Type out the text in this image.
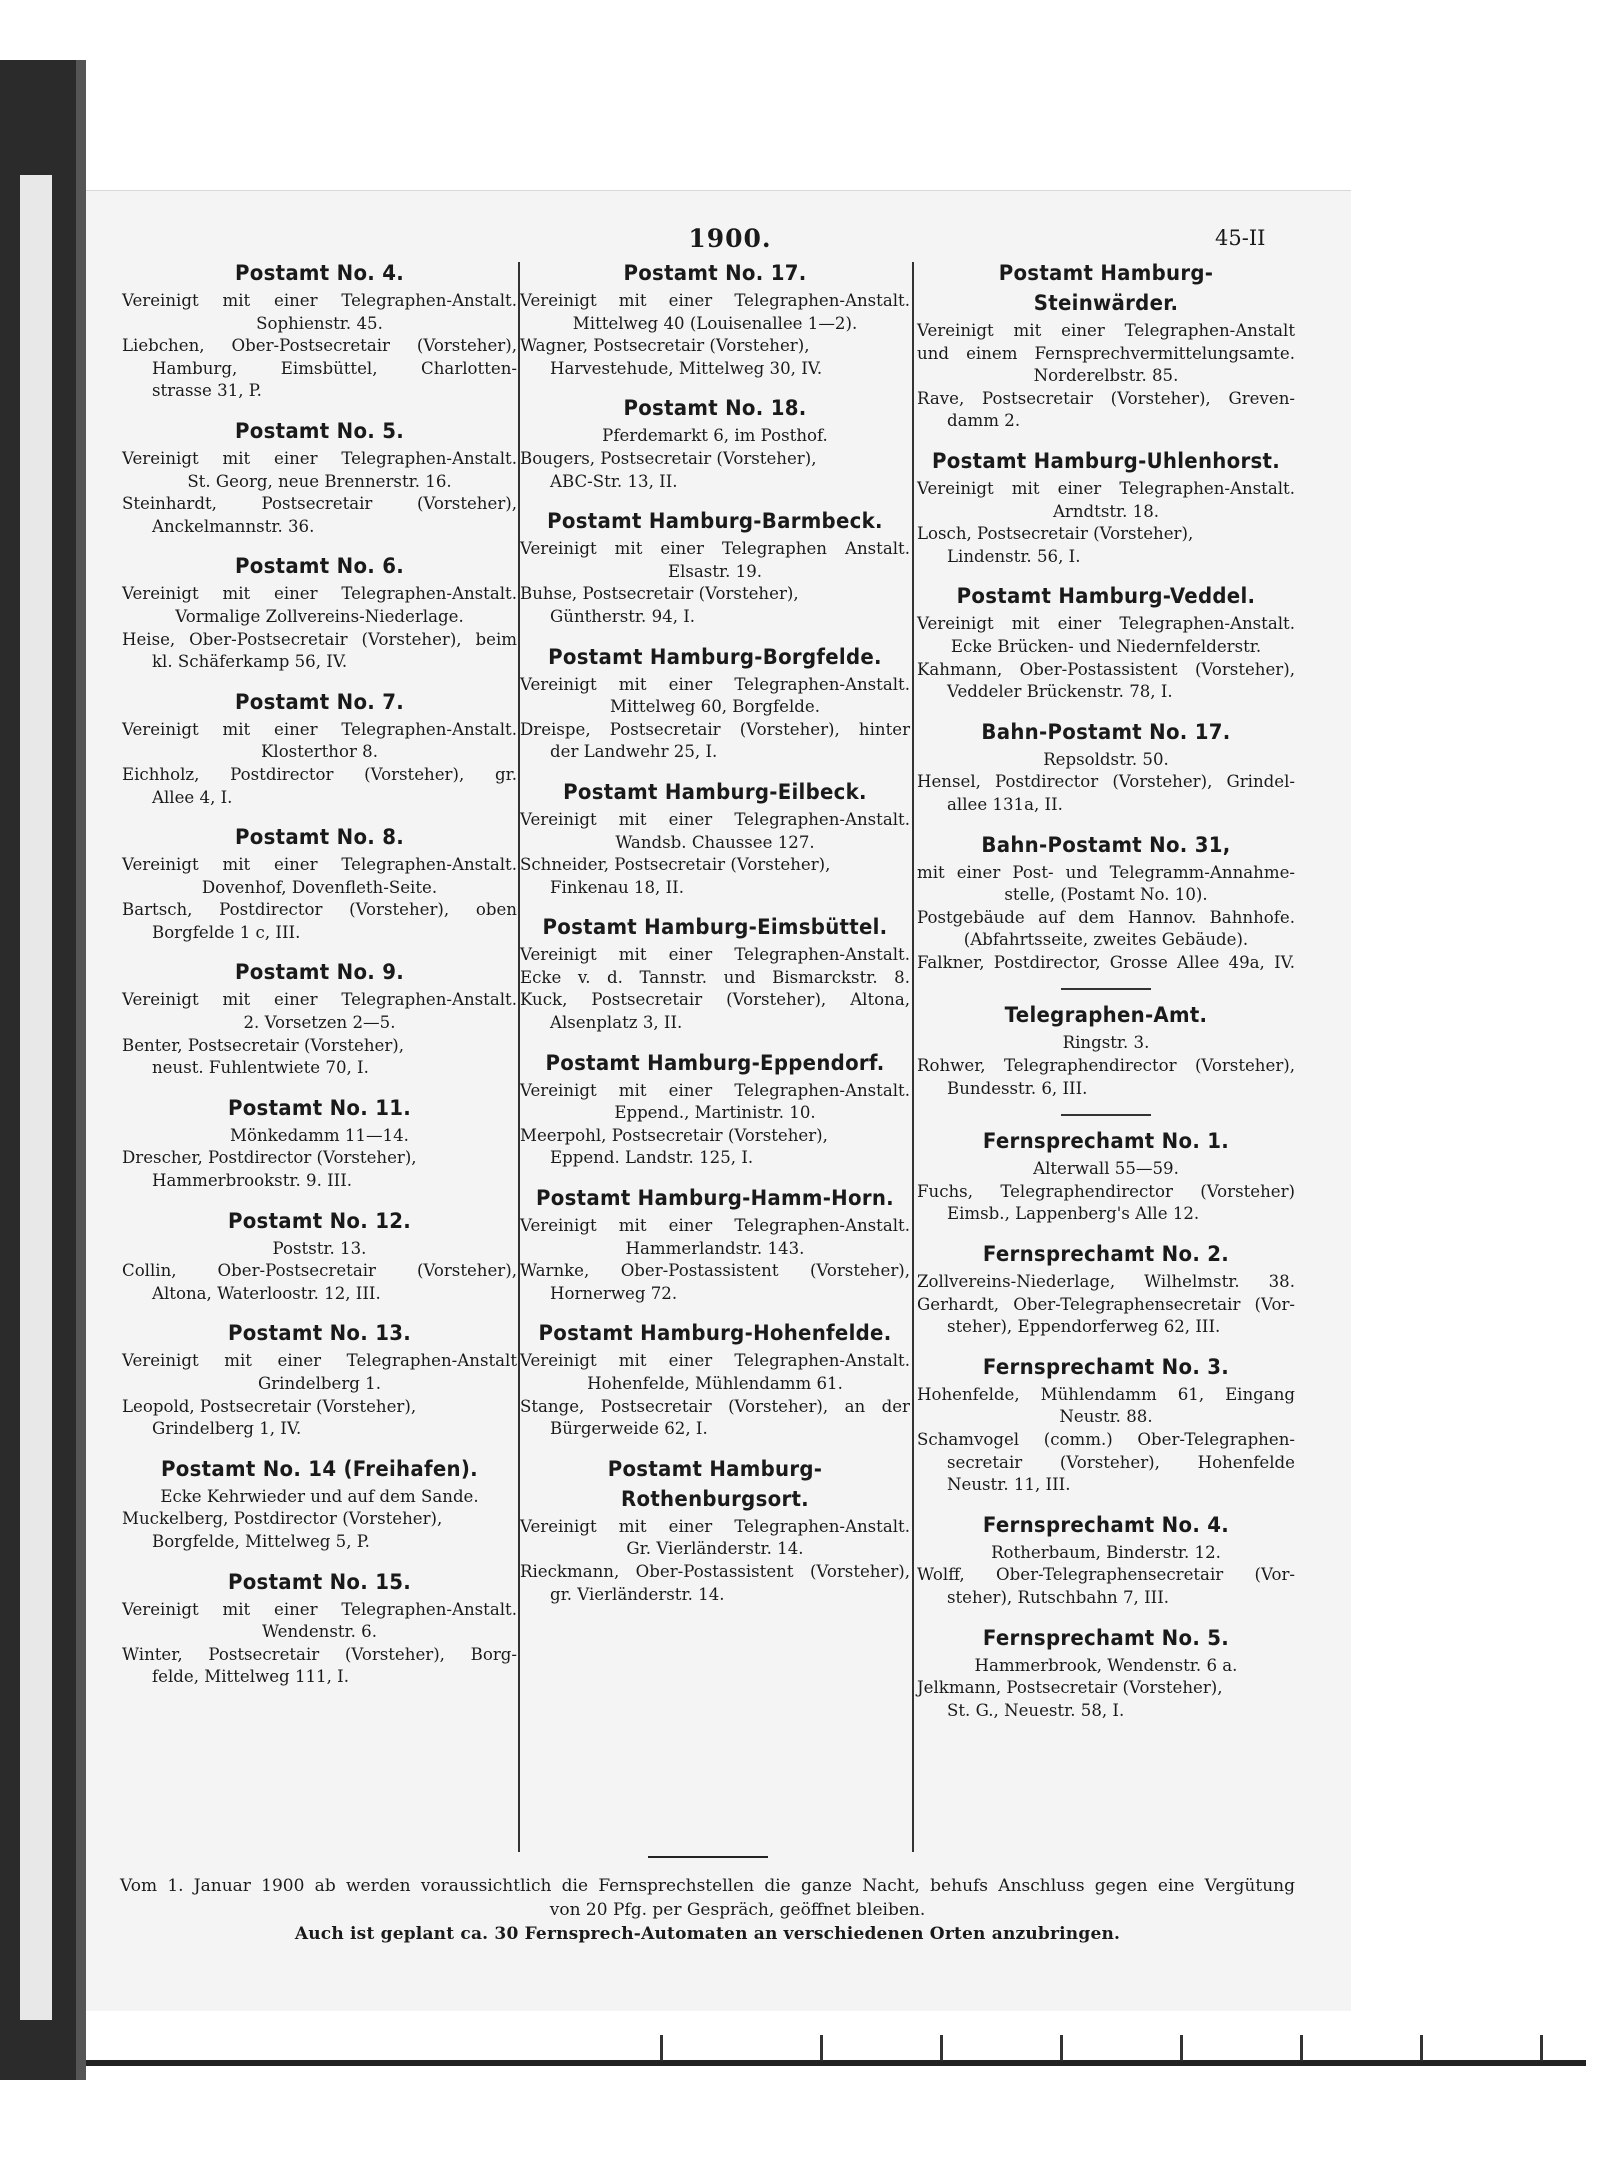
1900.	45-II
Postamt No. 4.
Vereinigt mit einer Telegraphen-Anstalt.
Sophienstr. 45.
Liebchen, Ober-Postsecretair (Vorsteher),
Hamburg, Eimsbüttel, Charlotten-
strasse 31, P.
Postamt No. 5.
Vereinigt mit einer Telegraphen-Anstalt.
St. Georg, neue Brennerstr. 16.
Steinhardt, Postsecretair (Vorsteher),
Anckelmannstr. 36.
Postamt No. 6.
Vereinigt mit einer Telegraphen-Anstalt.
Vormalige Zollvereins-Niederlage.
Heise, Ober-Postsecretair (Vorsteher), beim
kl. Schäferkamp 56, IV.
Postamt No. 7.
Vereinigt mit einer Telegraphen-Anstalt.
Klosterthor 8.
Eichholz, Postdirector (Vorsteher), gr.
Allee 4, I.
Postamt No. 8.
Vereinigt mit einer Telegraphen-Anstalt.
Dovenhof, Dovenfleth-Seite.
Bartsch, Postdirector (Vorsteher), oben
Borgfelde 1 c, III.
Postamt No. 9.
Vereinigt mit einer Telegraphen-Anstalt.
2. Vorsetzen 2—5.
Benter, Postsecretair (Vorsteher),
neust. Fuhlentwiete 70, I.
Postamt No. 11.
Mönkedamm 11—14.
Drescher, Postdirector (Vorsteher),
Hammerbrookstr. 9. III.
Postamt No. 12.
Poststr. 13.
Collin, Ober-Postsecretair (Vorsteher),
Altona, Waterloostr. 12, III.
Postamt No. 13.
Vereinigt mit einer Telegraphen-Anstalt
Grindelberg 1.
Leopold, Postsecretair (Vorsteher),
Grindelberg 1, IV.
Postamt No. 14 (Freihafen).
Ecke Kehrwieder und auf dem Sande.
Muckelberg, Postdirector (Vorsteher),
Borgfelde, Mittelweg 5, P.
Postamt No. 15.
Vereinigt mit einer Telegraphen-Anstalt.
Wendenstr. 6.
Winter, Postsecretair (Vorsteher), Borg-
felde, Mittelweg 111, I.
Postamt No. 17.
Vereinigt mit einer Telegraphen-Anstalt.
Mittelweg 40 (Louisenallee 1—2).
Wagner, Postsecretair (Vorsteher),
Harvestehude, Mittelweg 30, IV.
Postamt No. 18.
Pferdemarkt 6, im Posthof.
Bougers, Postsecretair (Vorsteher),
ABC-Str. 13, II.
Postamt Hamburg-Barmbeck.
Vereinigt mit einer Telegraphen Anstalt.
Elsastr. 19.
Buhse, Postsecretair (Vorsteher),
Güntherstr. 94, I.
Postamt Hamburg-Borgfelde.
Vereinigt mit einer Telegraphen-Anstalt.
Mittelweg 60, Borgfelde.
Dreispe, Postsecretair (Vorsteher), hinter
der Landwehr 25, I.
Postamt Hamburg-Eilbeck.
Vereinigt mit einer Telegraphen-Anstalt.
Wandsb. Chaussee 127.
Schneider, Postsecretair (Vorsteher),
Finkenau 18, II.
Postamt Hamburg-Eimsbüttel.
Vereinigt mit einer Telegraphen-Anstalt.
Ecke v. d. Tannstr. und Bismarckstr. 8.
Kuck, Postsecretair (Vorsteher), Altona,
Alsenplatz 3, II.
Postamt Hamburg-Eppendorf.
Vereinigt mit einer Telegraphen-Anstalt.
Eppend., Martinistr. 10.
Meerpohl, Postsecretair (Vorsteher),
Eppend. Landstr. 125, I.
Postamt Hamburg-Hamm-Horn.
Vereinigt mit einer Telegraphen-Anstalt.
Hammerlandstr. 143.
Warnke, Ober-Postassistent (Vorsteher),
Hornerweg 72.
Postamt Hamburg-Hohenfelde.
Vereinigt mit einer Telegraphen-Anstalt.
Hohenfelde, Mühlendamm 61.
Stange, Postsecretair (Vorsteher), an der
Bürgerweide 62, I.
Postamt Hamburg-Rothenburgsort.
Vereinigt mit einer Telegraphen-Anstalt.
Gr. Vierländerstr. 14.
Rieckmann, Ober-Postassistent (Vorsteher),
gr. Vierländerstr. 14.
Postamt Hamburg-Steinwärder.
Vereinigt mit einer Telegraphen-Anstalt
und einem Fernsprechvermittelungsamte.
Norderelbstr. 85.
Rave, Postsecretair (Vorsteher), Greven-
damm 2.
Postamt Hamburg-Uhlenhorst.
Vereinigt mit einer Telegraphen-Anstalt.
Arndtstr. 18.
Losch, Postsecretair (Vorsteher),
Lindenstr. 56, I.
Postamt Hamburg-Veddel.
Vereinigt mit einer Telegraphen-Anstalt.
Ecke Brücken- und Niedernfelderstr.
Kahmann, Ober-Postassistent (Vorsteher),
Veddeler Brückenstr. 78, I.
Bahn-Postamt No. 17.
Repsoldstr. 50.
Hensel, Postdirector (Vorsteher), Grindel-
allee 131a, II.
Bahn-Postamt No. 31,
mit einer Post- und Telegramm-Annahme-
stelle, (Postamt No. 10).
Postgebäude auf dem Hannov. Bahnhofe.
(Abfahrtsseite, zweites Gebäude).
Falkner, Postdirector, Grosse Allee 49a, IV.
Telegraphen-Amt.
Ringstr. 3.
Rohwer, Telegraphendirector (Vorsteher),
Bundesstr. 6, III.
Fernsprechamt No. 1.
Alterwall 55—59.
Fuchs, Telegraphendirector (Vorsteher)
Eimsb., Lappenberg's Alle 12.
Fernsprechamt No. 2.
Zollvereins-Niederlage, Wilhelmstr. 38.
Gerhardt, Ober-Telegraphensecretair (Vor-
steher), Eppendorferweg 62, III.
Fernsprechamt No. 3.
Hohenfelde, Mühlendamm 61, Eingang
Neustr. 88.
Schamvogel (comm.) Ober-Telegraphen-
secretair (Vorsteher), Hohenfelde
Neustr. 11, III.
Fernsprechamt No. 4.
Rotherbaum, Binderstr. 12.
Wolff, Ober-Telegraphensecretair (Vor-
steher), Rutschbahn 7, III.
Fernsprechamt No. 5.
Hammerbrook, Wendenstr. 6 a.
Jelkmann, Postsecretair (Vorsteher),
St. G., Neuestr. 58, I.
Vom 1. Januar 1900 ab werden voraussichtlich die Fernsprechstellen die ganze Nacht, behufs Anschluss gegen eine Vergütung
von 20 Pfg. per Gespräch, geöffnet bleiben.
Auch ist geplant ca. 30 Fernsprech-Automaten an verschiedenen Orten anzubringen.
